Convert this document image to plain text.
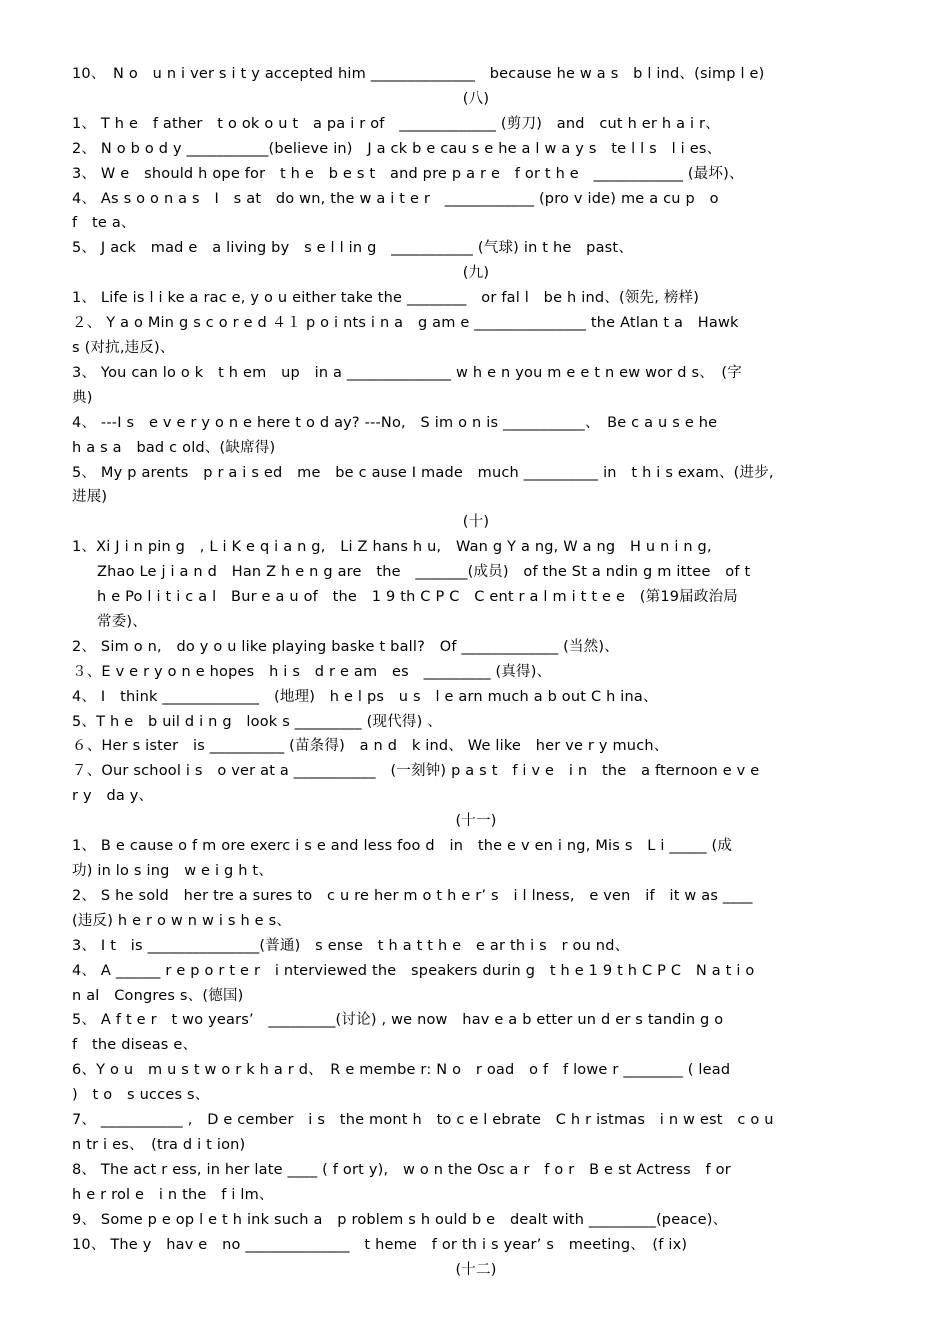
10、　N o　u n i ver s i t y accepted him ______________　because he w a s　b l ind、(simp l e)
(八)
1、 T h e　f ather　t o ok o u t　a pa i r of　_____________ (剪刀)　and　cut h er h a i r、
2、 N o b o d y ___________(believe in)　J a ck b e cau s e he a l w a y s　te l l s　l i es、
3、 W e　should h ope for　t h e　b e s t　and pre p a r e　f or t h e　____________ (最坏)、
4、 As s o o n a s　I　s at　do wn, the w a i t e r　____________ (pro v ide) me a cu p　o
f　te a、
5、 J ack　mad e　a living by　s e l l in g　___________ (气球) in t he　past、
(九)
1、 Life is l i ke a rac e, y o u either take the ________　or fal l　be h ind、(领先, 榜样)
２、 Y a o Min g s c o r e d ４１ p o i nts i n a　g am e _______________ the Atlan t a　Hawk
s (对抗,违反)、
3、 You can lo o k　t h em　up　in a ______________ w h e n you m e e t n ew wor d s、　(字
典)
4、 ---I s　e v e r y o n e here t o d ay? ---No,　S im o n is ___________、　Be c a u s e he
h a s a　bad c old、(缺席得)
5、 My p arents　p r a i s ed　me　be c ause I made　much __________ in　t h i s exam、(进步,
进展)
(十)
1、Xi J i n pin g　, L i K e q i a n g,　Li Z hans h u,　Wan g Y a ng, W a ng　H u n i n g,
Zhao Le j i a n d　Han Z h e n g are　the　_______(成员)　of the St a ndin g m ittee　of t
h e Po l i t i c a l　Bur e a u of　the　1 9 th C P C　C ent r a l m i t t e e　(第19届政治局
常委)、
2、 Sim o n,　do y o u like playing baske t ball?　Of _____________ (当然)、
３、E v e r y o n e hopes　h i s　d r e am　es　_________ (真得)、
4、 I　think _____________　(地理)　h e l ps　u s　l e arn much a b out C h ina、
5、T h e　b uil d i n g　look s _________ (现代得) 、
６、Her s ister　is __________ (苗条得)　a n d　k ind、 We like　her ve r y much、
７、Our school i s　o ver at a ___________　(一刻钟) p a s t　f i v e　i n　the　a fternoon e v e
r y　da y、
(十一)
1、 B e cause o f m ore exerc i s e and less foo d　in　the e v en i ng, Mis s　L i _____ (成
功) in lo s ing　w e i g h t、
2、 S he sold　her tre a sures to　c u re her m o t h e r’ s　i l lness,　e ven　if　it w as ____
(违反) h e r o w n w i s h e s、
3、 I t　is _______________(普通)　s ense　t h a t t h e　e ar th i s　r ou nd、
4、 A ______ r e p o r t e r　i nterviewed the　speakers durin g　t h e 1 9 t h C P C　N a t i o
n al　Congres s、(德国)
5、 A f t e r　t wo years’　_________(讨论) , we now　hav e a b etter un d er s tandin g o
f　the diseas e、
6、Y o u　m u s t w o r k h a r d、　R e membe r: N o　r oad　o f　f lowe r ________ ( lead
)　t o　s ucces s、
7、 ___________ ,　D e cember　i s　the mont h　to c e l ebrate　C h r istmas　i n w est　c o u
n tr i es、　(tra d i t ion)
8、 The act r ess, in her late ____ ( f ort y),　w o n the Osc a r　f o r　B e st Actress　f or
h e r rol e　i n the　f i lm、
9、 Some p e op l e t h ink such a　p roblem s h ould b e　dealt with _________(peace)、
10、 The y　hav e　no ______________　t heme　f or th i s year’ s　meeting、　(f ix)
(十二)
